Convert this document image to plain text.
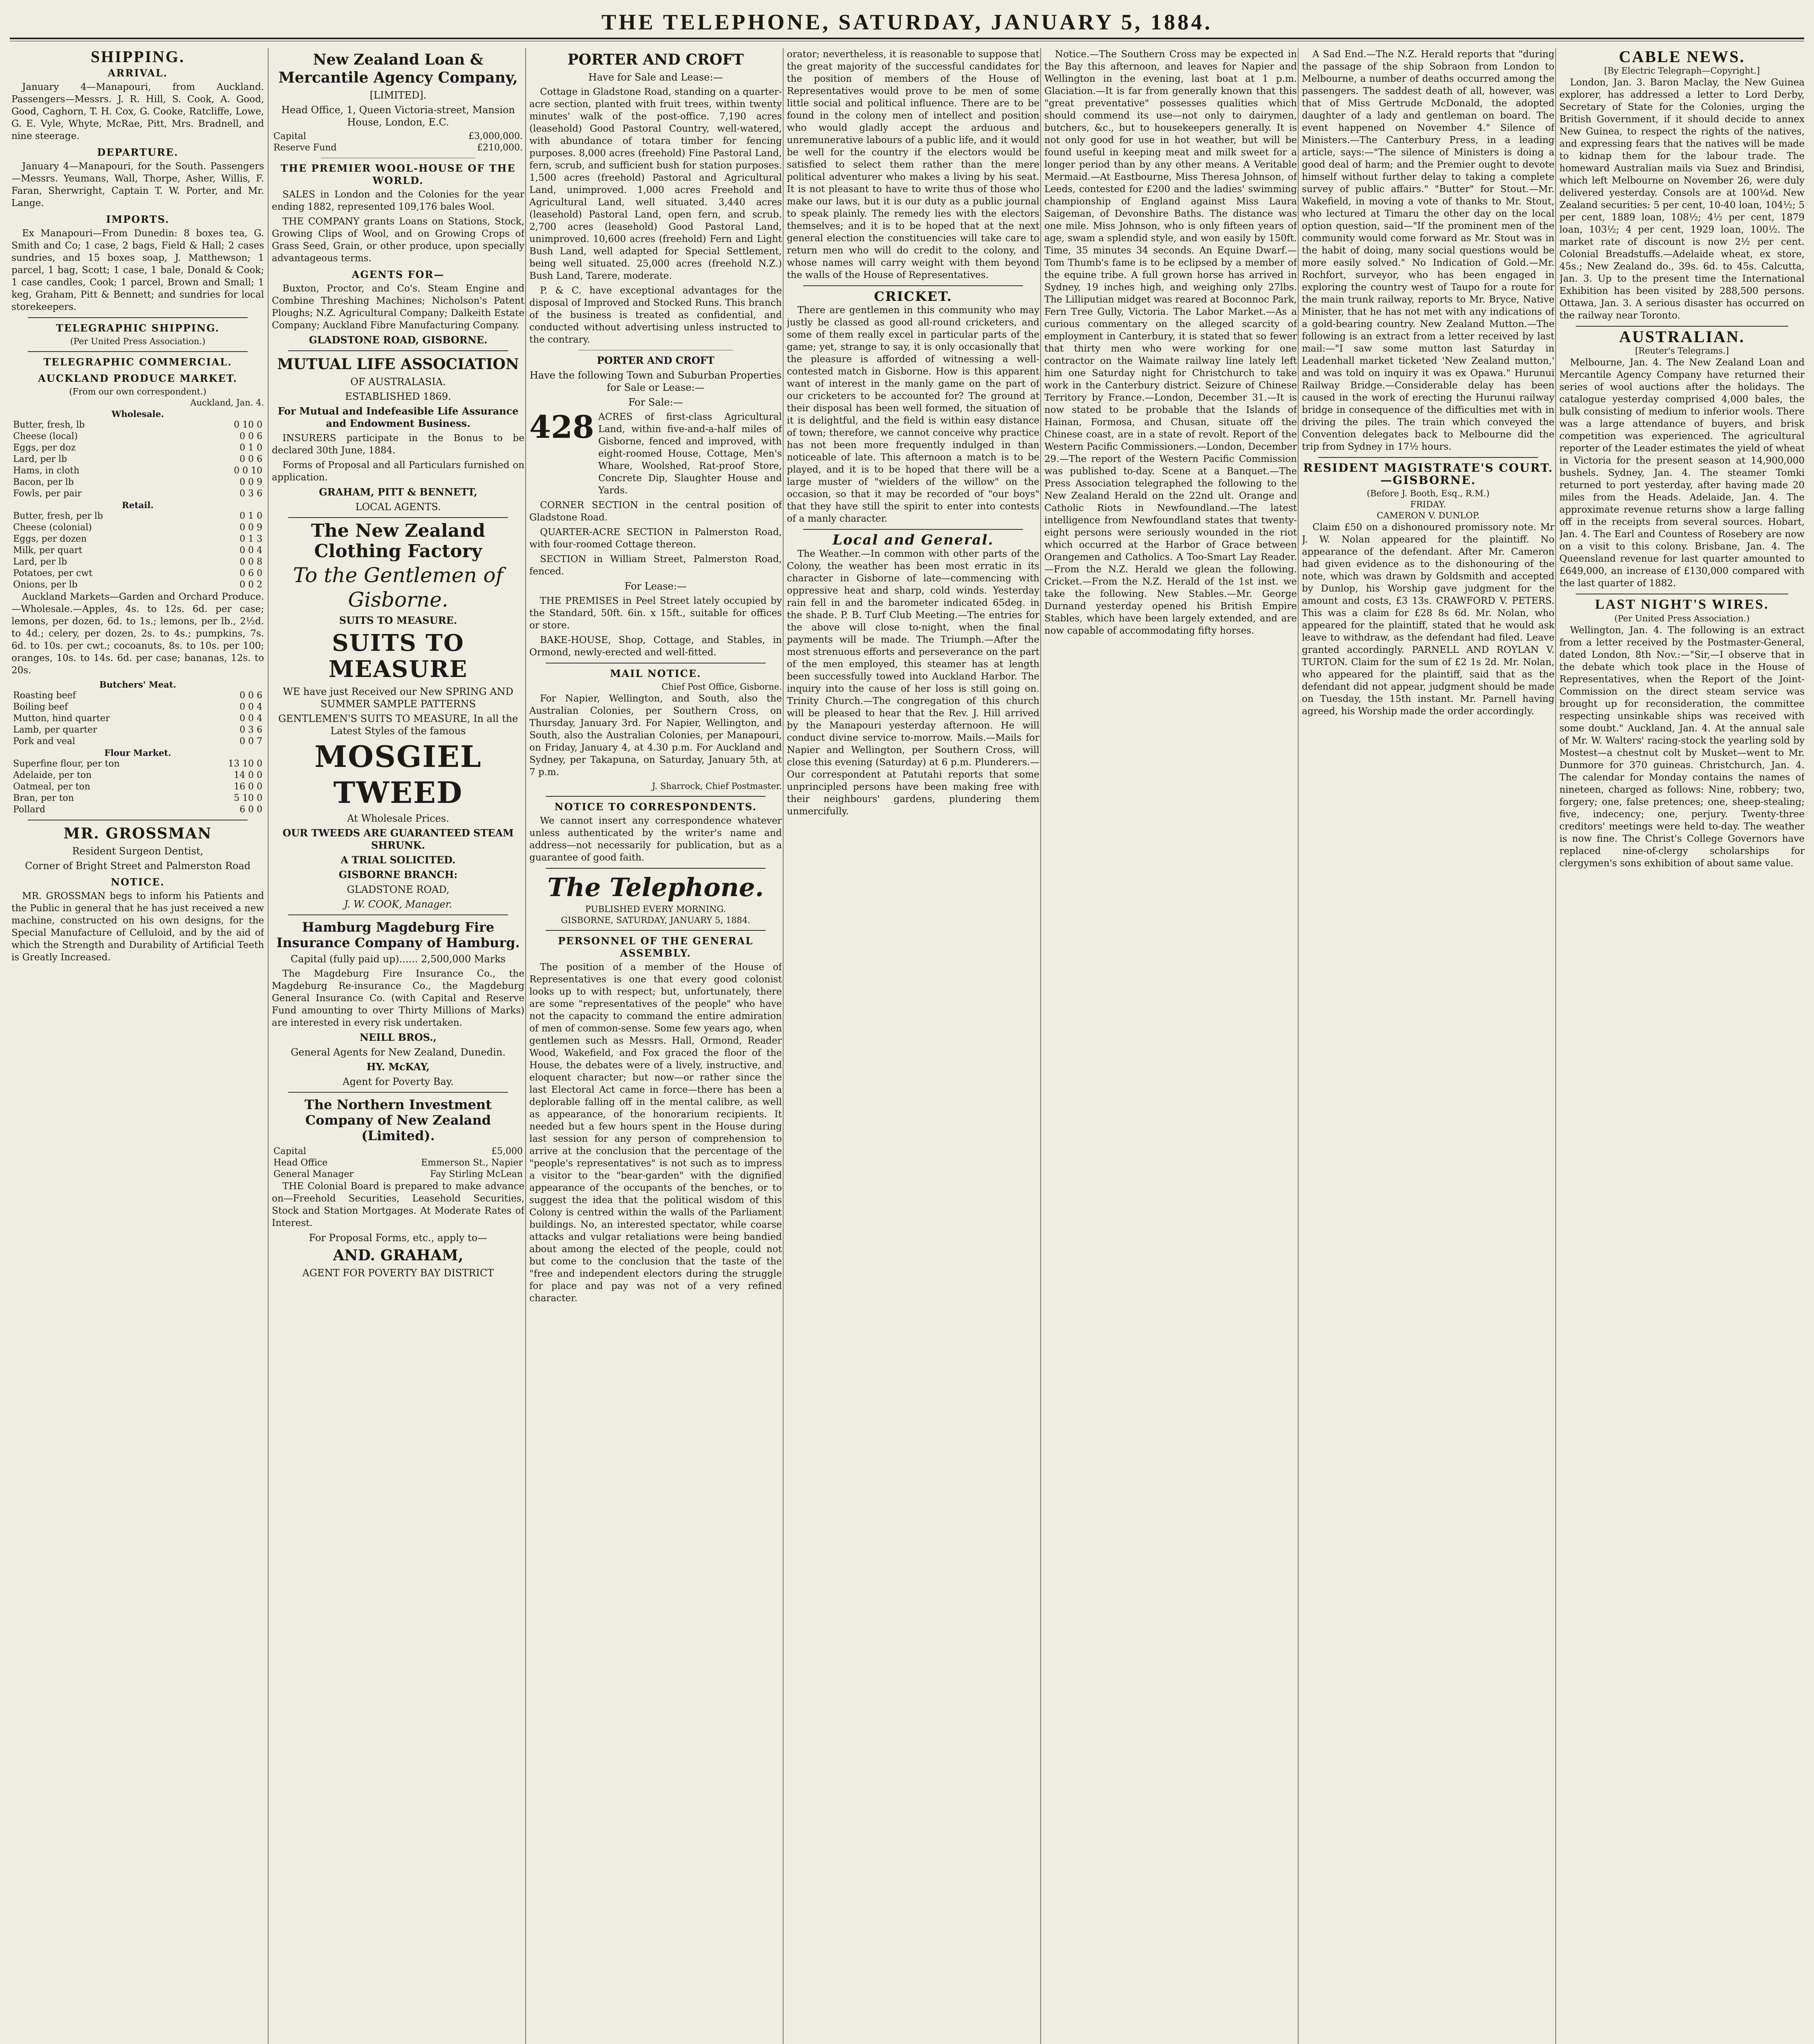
THE TELEPHONE, SATURDAY, JANUARY 5, 1884.
SHIPPING.
ARRIVAL.

January 4—Manapouri, from Auckland. Passengers—Messrs. J. R. Hill, S. Cook, A. Good, Good, Caghorn, T. H. Cox, G. Cooke, Ratcliffe, Lowe, G. E. Vyle, Whyte, McRae, Pitt, Mrs. Bradnell, and nine steerage.

DEPARTURE.

January 4—Manapouri, for the South. Passengers—Messrs. Yeumans, Wall, Thorpe, Asher, Willis, F. Faran, Sherwright, Captain T. W. Porter, and Mr. Lange.

IMPORTS.

Ex Manapouri—From Dunedin: 8 boxes tea, G. Smith and Co; 1 case, 2 bags, Field & Hall; 2 cases sundries, and 15 boxes soap, J. Matthewson; 1 parcel, 1 bag, Scott; 1 case, 1 bale, Donald & Cook; 1 case candles, Cook; 1 parcel, Brown and Small; 1 keg, Graham, Pitt & Bennett; and sundries for local storekeepers.

TELEGRAPHIC SHIPPING.
(Per United Press Association.)
TELEGRAPHIC COMMERCIAL.
AUCKLAND PRODUCE MARKET.
(From our own correspondent.)
Auckland, Jan. 4.
Wholesale.
Butter, fresh, lb	0 10 0
Cheese (local)	0 0 6
Eggs, per doz	0 1 0
Lard, per lb	0 0 6
Hams, in cloth	0 0 10
Bacon, per lb	0 0 9
Fowls, per pair	0 3 6
Retail.
Butter, fresh, per lb	0 1 0
Cheese (colonial)	0 0 9
Eggs, per dozen	0 1 3
Milk, per quart	0 0 4
Lard, per lb	0 0 8
Potatoes, per cwt	0 6 0
Onions, per lb	0 0 2

Auckland Markets—Garden and Orchard Produce.—Wholesale.—Apples, 4s. to 12s. 6d. per case; lemons, per dozen, 6d. to 1s.; lemons, per lb., 2½d. to 4d.; celery, per dozen, 2s. to 4s.; pumpkins, 7s. 6d. to 10s. per cwt.; cocoanuts, 8s. to 10s. per 100; oranges, 10s. to 14s. 6d. per case; bananas, 12s. to 20s.

Butchers' Meat.
Roasting beef	0 0 6
Boiling beef	0 0 4
Mutton, hind quarter	0 0 4
Lamb, per quarter	0 3 6
Pork and veal	0 0 7
Flour Market.
Superfine flour, per ton	13 10 0
Adelaide, per ton	14 0 0
Oatmeal, per ton	16 0 0
Bran, per ton	5 10 0
Pollard	6 0 0
MR. GROSSMAN
Resident Surgeon Dentist,
Corner of Bright Street and Palmerston Road
NOTICE.

MR. GROSSMAN begs to inform his Patients and the Public in general that he has just received a new machine, constructed on his own designs, for the Special Manufacture of Celluloid, and by the aid of which the Strength and Durability of Artificial Teeth is Greatly Increased.

New Zealand Loan & Mercantile Agency Company,
[LIMITED].
Head Office, 1, Queen Victoria-street, Mansion House, London, E.C.
Capital	£3,000,000.
Reserve Fund	£210,000.
THE PREMIER WOOL-HOUSE OF THE WORLD.

SALES in London and the Colonies for the year ending 1882, represented 109,176 bales Wool.

THE COMPANY grants Loans on Stations, Stock, Growing Clips of Wool, and on Growing Crops of Grass Seed, Grain, or other produce, upon specially advantageous terms.

AGENTS FOR—

Buxton, Proctor, and Co's. Steam Engine and Combine Threshing Machines; Nicholson's Patent Ploughs; N.Z. Agricultural Company; Dalkeith Estate Company; Auckland Fibre Manufacturing Company.

GLADSTONE ROAD, GISBORNE.
MUTUAL LIFE ASSOCIATION
OF AUSTRALASIA.
ESTABLISHED 1869.
For Mutual and Indefeasible Life Assurance and Endowment Business.

INSURERS participate in the Bonus to be declared 30th June, 1884.

Forms of Proposal and all Particulars furnished on application.

GRAHAM, PITT & BENNETT,
LOCAL AGENTS.
The New Zealand
Clothing Factory
To the Gentlemen of Gisborne.
SUITS TO MEASURE.
SUITS TO MEASURE
WE have just Received our New SPRING AND SUMMER SAMPLE PATTERNS
GENTLEMEN'S SUITS TO MEASURE, In all the Latest Styles of the famous
MOSGIEL
TWEED
At Wholesale Prices.
OUR TWEEDS ARE GUARANTEED STEAM SHRUNK.
A TRIAL SOLICITED.
GISBORNE BRANCH:
GLADSTONE ROAD,
J. W. COOK, Manager.
Hamburg Magdeburg Fire Insurance Company of Hamburg.
Capital (fully paid up)...... 2,500,000 Marks

The Magdeburg Fire Insurance Co., the Magdeburg Re-insurance Co., the Magdeburg General Insurance Co. (with Capital and Reserve Fund amounting to over Thirty Millions of Marks) are interested in every risk undertaken.

NEILL BROS.,
General Agents for New Zealand, Dunedin.
HY. McKAY,
Agent for Poverty Bay.
The Northern Investment Company of New Zealand (Limited).
Capital	£5,000
Head Office	Emmerson St., Napier
General Manager	Fay Stirling McLean

THE Colonial Board is prepared to make advance on—Freehold Securities, Leasehold Securities, Stock and Station Mortgages. At Moderate Rates of Interest.

For Proposal Forms, etc., apply to—
AND. GRAHAM,
AGENT FOR POVERTY BAY DISTRICT
PORTER AND CROFT
Have for Sale and Lease:—

Cottage in Gladstone Road, standing on a quarter-acre section, planted with fruit trees, within twenty minutes' walk of the post-office. 7,190 acres (leasehold) Good Pastoral Country, well-watered, with abundance of totara timber for fencing purposes. 8,000 acres (freehold) Fine Pastoral Land, fern, scrub, and sufficient bush for station purposes. 1,500 acres (freehold) Pastoral and Agricultural Land, unimproved. 1,000 acres Freehold and Agricultural Land, well situated. 3,440 acres (leasehold) Pastoral Land, open fern, and scrub. 2,700 acres (leasehold) Good Pastoral Land, unimproved. 10,600 acres (freehold) Fern and Light Bush Land, well adapted for Special Settlement, being well situated. 25,000 acres (freehold N.Z.) Bush Land, Tarere, moderate.

P. & C. have exceptional advantages for the disposal of Improved and Stocked Runs. This branch of the business is treated as confidential, and conducted without advertising unless instructed to the contrary.

PORTER AND CROFT
Have the following Town and Suburban Properties for Sale or Lease:—
For Sale:—
428 ACRES of first-class Agricultural Land, within five-and-a-half miles of Gisborne, fenced and improved, with eight-roomed House, Cottage, Men's Whare, Woolshed, Rat-proof Store, Concrete Dip, Slaughter House and Yards.

CORNER SECTION in the central position of Gladstone Road.

QUARTER-ACRE SECTION in Palmerston Road, with four-roomed Cottage thereon.

SECTION in William Street, Palmerston Road, fenced.

For Lease:—

THE PREMISES in Peel Street lately occupied by the Standard, 50ft. 6in. x 15ft., suitable for offices or store.

BAKE-HOUSE, Shop, Cottage, and Stables, in Ormond, newly-erected and well-fitted.

MAIL NOTICE.
Chief Post Office, Gisborne.

For Napier, Wellington, and South, also the Australian Colonies, per Southern Cross, on Thursday, January 3rd. For Napier, Wellington, and South, also the Australian Colonies, per Manapouri, on Friday, January 4, at 4.30 p.m. For Auckland and Sydney, per Takapuna, on Saturday, January 5th, at 7 p.m.

J. Sharrock, Chief Postmaster.
NOTICE TO CORRESPONDENTS.

We cannot insert any correspondence whatever unless authenticated by the writer's name and address—not necessarily for publication, but as a guarantee of good faith.

The Telephone.
PUBLISHED EVERY MORNING.
GISBORNE, SATURDAY, JANUARY 5, 1884.
PERSONNEL OF THE GENERAL ASSEMBLY.

The position of a member of the House of Representatives is one that every good colonist looks up to with respect; but, unfortunately, there are some "representatives of the people" who have not the capacity to command the entire admiration of men of common-sense. Some few years ago, when gentlemen such as Messrs. Hall, Ormond, Reader Wood, Wakefield, and Fox graced the floor of the House, the debates were of a lively, instructive, and eloquent character; but now—or rather since the last Electoral Act came in force—there has been a deplorable falling off in the mental calibre, as well as appearance, of the honorarium recipients. It needed but a few hours spent in the House during last session for any person of comprehension to arrive at the conclusion that the percentage of the "people's representatives" is not such as to impress a visitor to the "bear-garden" with the dignified appearance of the occupants of the benches, or to suggest the idea that the political wisdom of this Colony is centred within the walls of the Parliament buildings. No, an interested spectator, while coarse attacks and vulgar retaliations were being bandied about among the elected of the people, could not but come to the conclusion that the taste of the "free and independent electors during the struggle for place and pay was not of a very refined character.

orator; nevertheless, it is reasonable to suppose that the great majority of the successful candidates for the position of members of the House of Representatives would prove to be men of some little social and political influence. There are to be found in the colony men of intellect and position who would gladly accept the arduous and unremunerative labours of a public life, and it would be well for the country if the electors would be satisfied to select them rather than the mere political adventurer who makes a living by his seat. It is not pleasant to have to write thus of those who make our laws, but it is our duty as a public journal to speak plainly. The remedy lies with the electors themselves; and it is to be hoped that at the next general election the constituencies will take care to return men who will do credit to the colony, and whose names will carry weight with them beyond the walls of the House of Representatives.

CRICKET.

There are gentlemen in this community who may justly be classed as good all-round cricketers, and some of them really excel in particular parts of the game; yet, strange to say, it is only occasionally that the pleasure is afforded of witnessing a well-contested match in Gisborne. How is this apparent want of interest in the manly game on the part of our cricketers to be accounted for? The ground at their disposal has been well formed, the situation of it is delightful, and the field is within easy distance of town; therefore, we cannot conceive why practice has not been more frequently indulged in than noticeable of late. This afternoon a match is to be played, and it is to be hoped that there will be a large muster of "wielders of the willow" on the occasion, so that it may be recorded of "our boys" that they have still the spirit to enter into contests of a manly character.

Local and General.

The Weather.—In common with other parts of the Colony, the weather has been most erratic in its character in Gisborne of late—commencing with oppressive heat and sharp, cold winds. Yesterday rain fell in and the barometer indicated 65deg. in the shade. P. B. Turf Club Meeting.—The entries for the above will close to-night, when the final payments will be made. The Triumph.—After the most strenuous efforts and perseverance on the part of the men employed, this steamer has at length been successfully towed into Auckland Harbor. The inquiry into the cause of her loss is still going on. Trinity Church.—The congregation of this church will be pleased to hear that the Rev. J. Hill arrived by the Manapouri yesterday afternoon. He will conduct divine service to-morrow. Mails.—Mails for Napier and Wellington, per Southern Cross, will close this evening (Saturday) at 6 p.m. Plunderers.—Our correspondent at Patutahi reports that some unprincipled persons have been making free with their neighbours' gardens, plundering them unmercifully.

Notice.—The Southern Cross may be expected in the Bay this afternoon, and leaves for Napier and Wellington in the evening, last boat at 1 p.m. Glaciation.—It is far from generally known that this "great preventative" possesses qualities which should commend its use—not only to dairymen, butchers, &c., but to housekeepers generally. It is not only good for use in hot weather, but will be found useful in keeping meat and milk sweet for a longer period than by any other means. A Veritable Mermaid.—At Eastbourne, Miss Theresa Johnson, of Leeds, contested for £200 and the ladies' swimming championship of England against Miss Laura Saigeman, of Devonshire Baths. The distance was one mile. Miss Johnson, who is only fifteen years of age, swam a splendid style, and won easily by 150ft. Time, 35 minutes 34 seconds. An Equine Dwarf.—Tom Thumb's fame is to be eclipsed by a member of the equine tribe. A full grown horse has arrived in Sydney, 19 inches high, and weighing only 27lbs. The Lilliputian midget was reared at Boconnoc Park, Fern Tree Gully, Victoria. The Labor Market.—As a curious commentary on the alleged scarcity of employment in Canterbury, it is stated that so fewer that thirty men who were working for one contractor on the Waimate railway line lately left him one Saturday night for Christchurch to take work in the Canterbury district. Seizure of Chinese Territory by France.—London, December 31.—It is now stated to be probable that the Islands of Hainan, Formosa, and Chusan, situate off the Chinese coast, are in a state of revolt. Report of the Western Pacific Commissioners.—London, December 29.—The report of the Western Pacific Commission was published to-day. Scene at a Banquet.—The Press Association telegraphed the following to the New Zealand Herald on the 22nd ult. Orange and Catholic Riots in Newfoundland.—The latest intelligence from Newfoundland states that twenty-eight persons were seriously wounded in the riot which occurred at the Harbor of Grace between Orangemen and Catholics. A Too-Smart Lay Reader.—From the N.Z. Herald we glean the following. Cricket.—From the N.Z. Herald of the 1st inst. we take the following. New Stables.—Mr. George Durnand yesterday opened his British Empire Stables, which have been largely extended, and are now capable of accommodating fifty horses.

A Sad End.—The N.Z. Herald reports that "during the passage of the ship Sobraon from London to Melbourne, a number of deaths occurred among the passengers. The saddest death of all, however, was that of Miss Gertrude McDonald, the adopted daughter of a lady and gentleman on board. The event happened on November 4." Silence of Ministers.—The Canterbury Press, in a leading article, says:—"The silence of Ministers is doing a good deal of harm; and the Premier ought to devote himself without further delay to taking a complete survey of public affairs." "Butter" for Stout.—Mr. Wakefield, in moving a vote of thanks to Mr. Stout, who lectured at Timaru the other day on the local option question, said—"If the prominent men of the community would come forward as Mr. Stout was in the habit of doing, many social questions would be more easily solved." No Indication of Gold.—Mr. Rochfort, surveyor, who has been engaged in exploring the country west of Taupo for a route for the main trunk railway, reports to Mr. Bryce, Native Minister, that he has not met with any indications of a gold-bearing country. New Zealand Mutton.—The following is an extract from a letter received by last mail:—"I saw some mutton last Saturday in Leadenhall market ticketed 'New Zealand mutton,' and was told on inquiry it was ex Opawa." Hurunui Railway Bridge.—Considerable delay has been caused in the work of erecting the Hurunui railway bridge in consequence of the difficulties met with in driving the piles. The train which conveyed the Convention delegates back to Melbourne did the trip from Sydney in 17½ hours.

RESIDENT MAGISTRATE'S COURT.—GISBORNE.
(Before J. Booth, Esq., R.M.)
FRIDAY.
CAMERON V. DUNLOP.

Claim £50 on a dishonoured promissory note. Mr J. W. Nolan appeared for the plaintiff. No appearance of the defendant. After Mr. Cameron had given evidence as to the dishonouring of the note, which was drawn by Goldsmith and accepted by Dunlop, his Worship gave judgment for the amount and costs, £3 13s. CRAWFORD V. PETERS. This was a claim for £28 8s 6d. Mr. Nolan, who appeared for the plaintiff, stated that he would ask leave to withdraw, as the defendant had filed. Leave granted accordingly. PARNELL AND ROYLAN V. TURTON. Claim for the sum of £2 1s 2d. Mr. Nolan, who appeared for the plaintiff, said that as the defendant did not appear, judgment should be made on Tuesday, the 15th instant. Mr. Parnell having agreed, his Worship made the order accordingly.

CABLE NEWS.
[By Electric Telegraph—Copyright.]

London, Jan. 3. Baron Maclay, the New Guinea explorer, has addressed a letter to Lord Derby, Secretary of State for the Colonies, urging the British Government, if it should decide to annex New Guinea, to respect the rights of the natives, and expressing fears that the natives will be made to kidnap them for the labour trade. The homeward Australian mails via Suez and Brindisi, which left Melbourne on November 26, were duly delivered yesterday. Consols are at 100¼d. New Zealand securities: 5 per cent, 10-40 loan, 104½; 5 per cent, 1889 loan, 108½; 4½ per cent, 1879 loan, 103½; 4 per cent, 1929 loan, 100½. The market rate of discount is now 2½ per cent. Colonial Breadstuffs.—Adelaide wheat, ex store, 45s.; New Zealand do., 39s. 6d. to 45s. Calcutta, Jan. 3. Up to the present time the International Exhibition has been visited by 288,500 persons. Ottawa, Jan. 3. A serious disaster has occurred on the railway near Toronto.

AUSTRALIAN.
[Reuter's Telegrams.]

Melbourne, Jan. 4. The New Zealand Loan and Mercantile Agency Company have returned their series of wool auctions after the holidays. The catalogue yesterday comprised 4,000 bales, the bulk consisting of medium to inferior wools. There was a large attendance of buyers, and brisk competition was experienced. The agricultural reporter of the Leader estimates the yield of wheat in Victoria for the present season at 14,900,000 bushels. Sydney, Jan. 4. The steamer Tomki returned to port yesterday, after having made 20 miles from the Heads. Adelaide, Jan. 4. The approximate revenue returns show a large falling off in the receipts from several sources. Hobart, Jan. 4. The Earl and Countess of Rosebery are now on a visit to this colony. Brisbane, Jan. 4. The Queensland revenue for last quarter amounted to £649,000, an increase of £130,000 compared with the last quarter of 1882.

LAST NIGHT'S WIRES.
(Per United Press Association.)

Wellington, Jan. 4. The following is an extract from a letter received by the Postmaster-General, dated London, 8th Nov.:—"Sir,—I observe that in the debate which took place in the House of Representatives, when the Report of the Joint-Commission on the direct steam service was brought up for reconsideration, the committee respecting unsinkable ships was received with some doubt." Auckland, Jan. 4. At the annual sale of Mr. W. Walters' racing-stock the yearling sold by Mostest—a chestnut colt by Musket—went to Mr. Dunmore for 370 guineas. Christchurch, Jan. 4. The calendar for Monday contains the names of nineteen, charged as follows: Nine, robbery; two, forgery; one, false pretences; one, sheep-stealing; five, indecency; one, perjury. Twenty-three creditors' meetings were held to-day. The weather is now fine. The Christ's College Governors have replaced nine-of-clergy scholarships for clergymen's sons exhibition of about same value.
